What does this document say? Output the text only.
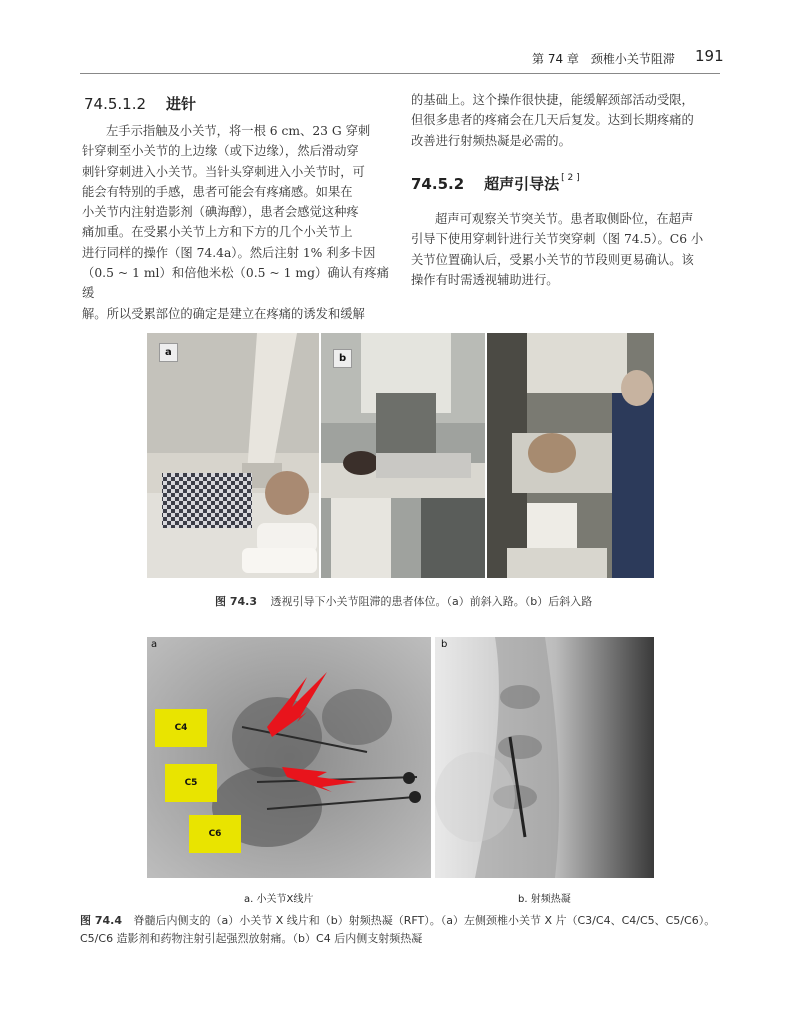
第 74 章　颈椎小关节阻滞 191
74.5.1.2 进针

左手示指触及小关节，将一根 6 cm、23 G 穿刺

针穿刺至小关节的上边缘（或下边缘），然后滑动穿

刺针穿刺进入小关节。当针头穿刺进入小关节时，可

能会有特别的手感，患者可能会有疼痛感。如果在

小关节内注射造影剂（碘海醇），患者会感觉这种疼

痛加重。在受累小关节上方和下方的几个小关节上

进行同样的操作（图 74.4a）。然后注射 1% 利多卡因

（0.5 ~ 1 ml）和倍他米松（0.5 ~ 1 mg）确认有疼痛缓

解。所以受累部位的确定是建立在疼痛的诱发和缓解

的基础上。这个操作很快捷，能缓解颈部活动受限，

但很多患者的疼痛会在几天后复发。达到长期疼痛的

改善进行射频热凝是必需的。

74.5.2 超声引导法 [ 2 ]

超声可观察关节突关节。患者取侧卧位，在超声

引导下使用穿刺针进行关节突穿刺（图 74.5）。C6 小

关节位置确认后，受累小关节的节段则更易确认。该

操作有时需透视辅助进行。

a
b
图 74.3 透视引导下小关节阻滞的患者体位。（a）前斜入路。（b）后斜入路
a
C4
C5
C6
b
a. 小关节X线片	b. 射频热凝
图 74.4 脊髓后内侧支的（a）小关节 X 线片和（b）射频热凝（RFT）。（a）左侧颈椎小关节 X 片（C3/C4、C4/C5、C5/C6）。
C5/C6 造影剂和药物注射引起强烈放射痛。（b）C4 后内侧支射频热凝
